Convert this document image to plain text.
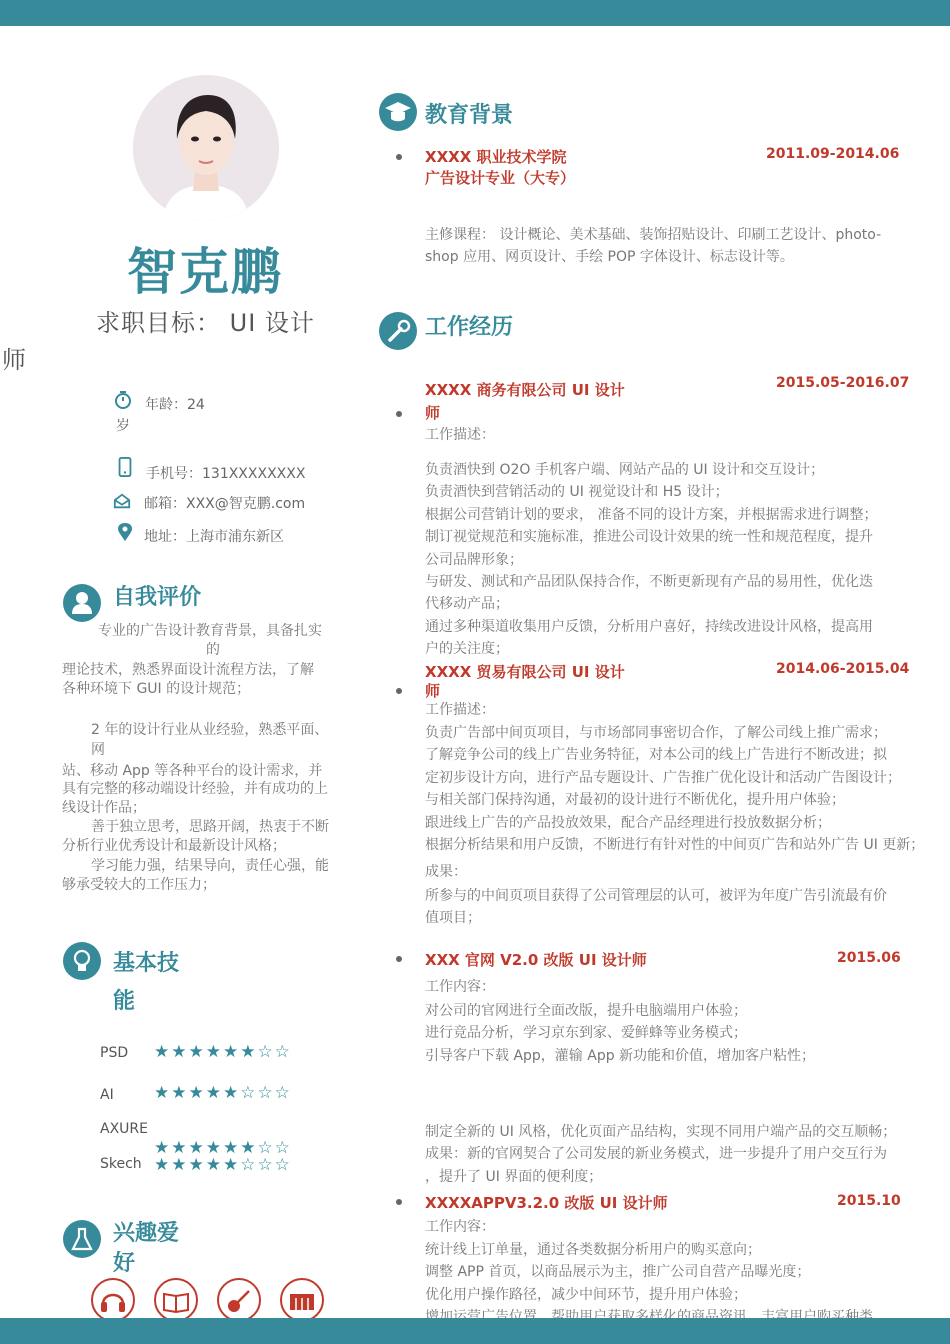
智克鹏
求职目标： UI 设计
师
年龄：24
岁
手机号：131XXXXXXXX
邮箱：XXX@智克鹏.com
地址：上海市浦东新区
自我评价
专业的广告设计教育背景，具备扎实
的
理论技术，熟悉界面设计流程方法，了解
各种环境下 GUI 的设计规范；
2 年的设计行业从业经验，熟悉平面、
网
站、移动 App 等各种平台的设计需求，并
具有完整的移动端设计经验，并有成功的上
线设计作品；
善于独立思考，思路开阔，热衷于不断
分析行业优秀设计和最新设计风格；
学习能力强，结果导向，责任心强，能
够承受较大的工作压力；
基本技
能
PSD ★★★★★★☆☆
AI ★★★★★☆☆☆
AXURE
★★★★★★☆☆
Skech ★★★★★☆☆☆
兴趣爱
好
教育背景
XXXX 职业技术学院
广告设计专业（大专）
2011.09-2014.06
主修课程： 设计概论、美术基础、装饰招贴设计、印刷工艺设计、photo-
shop 应用、网页设计、手绘 POP 字体设计、标志设计等。
工作经历
XXXX 商务有限公司 UI 设计
师
2015.05-2016.07
工作描述：
负责酒快到 O2O 手机客户端、网站产品的 UI 设计和交互设计；
负责酒快到营销活动的 UI 视觉设计和 H5 设计；
根据公司营销计划的要求， 准备不同的设计方案，并根据需求进行调整；
制订视觉规范和实施标准，推进公司设计效果的统一性和规范程度，提升
公司品牌形象；
与研发、测试和产品团队保持合作，不断更新现有产品的易用性，优化迭
代移动产品；
通过多种渠道收集用户反馈，分析用户喜好，持续改进设计风格，提高用
户的关注度；
XXXX 贸易有限公司 UI 设计
师
2014.06-2015.04
工作描述：
负责广告部中间页项目，与市场部同事密切合作，了解公司线上推广需求；
了解竞争公司的线上广告业务特征，对本公司的线上广告进行不断改进；拟
定初步设计方向，进行产品专题设计、广告推广优化设计和活动广告图设计；
与相关部门保持沟通，对最初的设计进行不断优化，提升用户体验；
跟进线上广告的产品投放效果，配合产品经理进行投放数据分析；
根据分析结果和用户反馈，不断进行有针对性的中间页广告和站外广告 UI 更新；
成果：
所参与的中间页项目获得了公司管理层的认可，被评为年度广告引流最有价
值项目；
XXX 官网 V2.0 改版 UI 设计师	2015.06
工作内容：
对公司的官网进行全面改版，提升电脑端用户体验；
进行竞品分析，学习京东到家、爱鲜蜂等业务模式；
引导客户下载 App，灌输 App 新功能和价值，增加客户粘性；
制定全新的 UI 风格，优化页面产品结构，实现不同用户端产品的交互顺畅；
成果：新的官网契合了公司发展的新业务模式，进一步提升了用户交互行为
，提升了 UI 界面的便利度；
XXXXAPPV3.2.0 改版 UI 设计师	2015.10
工作内容：
统计线上订单量，通过各类数据分析用户的购买意向；
调整 APP 首页，以商品展示为主，推广公司自营产品曝光度；
优化用户操作路径，减少中间环节，提升用户体验；
